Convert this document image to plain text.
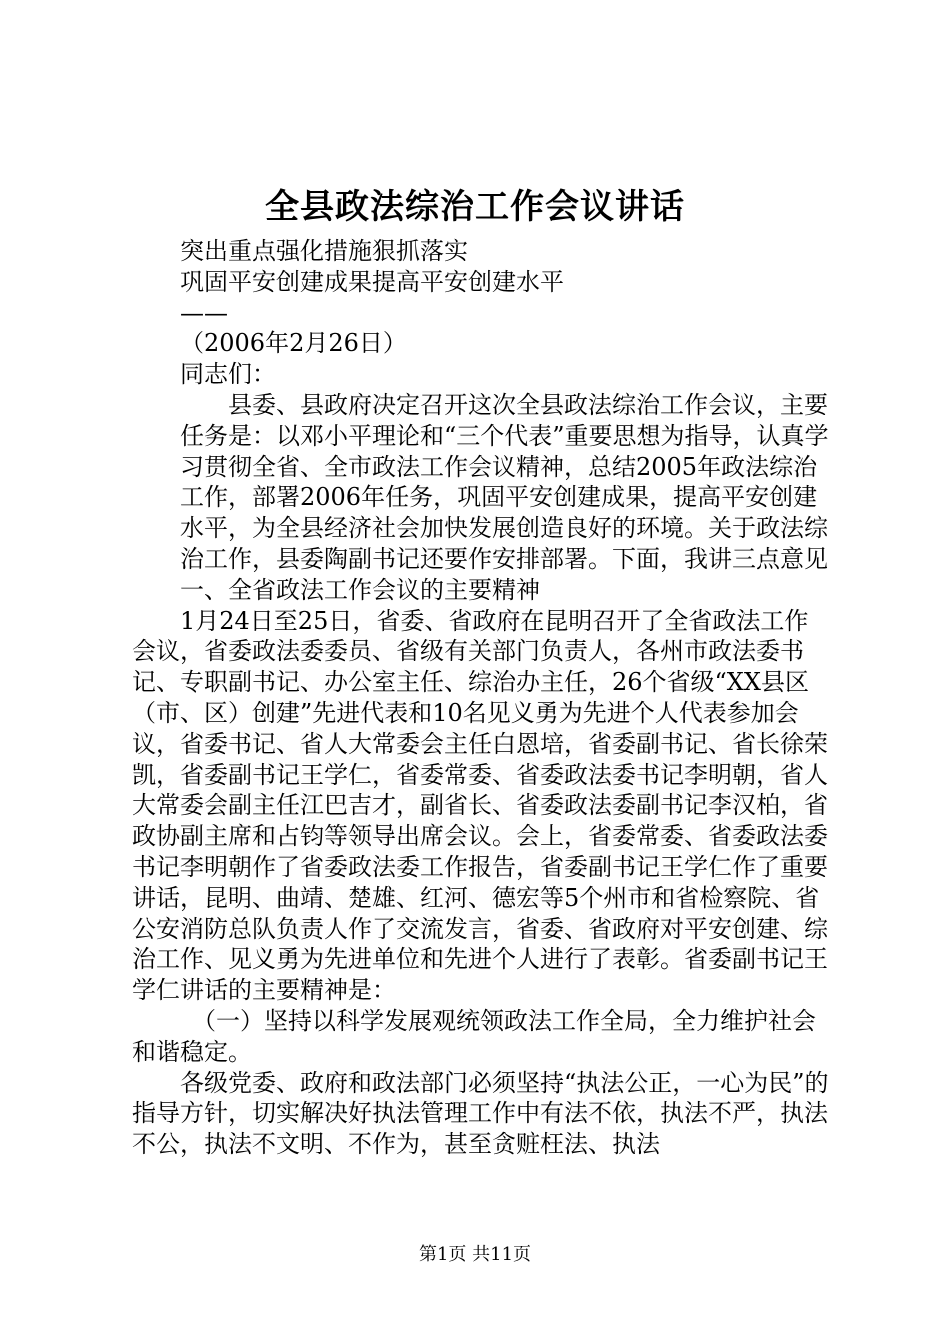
全县政法综治工作会议讲话

突出重点强化措施狠抓落实

巩固平安创建成果提高平安创建水平

——

（2006年2月26日）

同志们：

县委、县政府决定召开这次全县政法综治工作会议，主要任务是：以邓小平理论和“三个代表”重要思想为指导，认真学习贯彻全省、全市政法工作会议精神，总结2005年政法综治工作，部署2006年任务，巩固平安创建成果，提高平安创建水平，为全县经济社会加快发展创造良好的环境。关于政法综治工作，县委陶副书记还要作安排部署。下面，我讲三点意见

一、全省政法工作会议的主要精神

1月24日至25日，省委、省政府在昆明召开了全省政法工作会议，省委政法委委员、省级有关部门负责人，各州市政法委书记、专职副书记、办公室主任、综治办主任，26个省级“XX县区（市、区）创建”先进代表和10名见义勇为先进个人代表参加会议，省委书记、省人大常委会主任白恩培，省委副书记、省长徐荣凯，省委副书记王学仁，省委常委、省委政法委书记李明朝，省人大常委会副主任江巴吉才，副省长、省委政法委副书记李汉柏，省政协副主席和占钧等领导出席会议。会上，省委常委、省委政法委书记李明朝作了省委政法委工作报告，省委副书记王学仁作了重要讲话，昆明、曲靖、楚雄、红河、德宏等5个州市和省检察院、省公安消防总队负责人作了交流发言，省委、省政府对平安创建、综治工作、见义勇为先进单位和先进个人进行了表彰。省委副书记王学仁讲话的主要精神是：

（一）坚持以科学发展观统领政法工作全局，全力维护社会和谐稳定。

各级党委、政府和政法部门必须坚持“执法公正，一心为民”的指导方针，切实解决好执法管理工作中有法不依，执法不严，执法不公，执法不文明、不作为，甚至贪赃枉法、执法

第1页 共11页
